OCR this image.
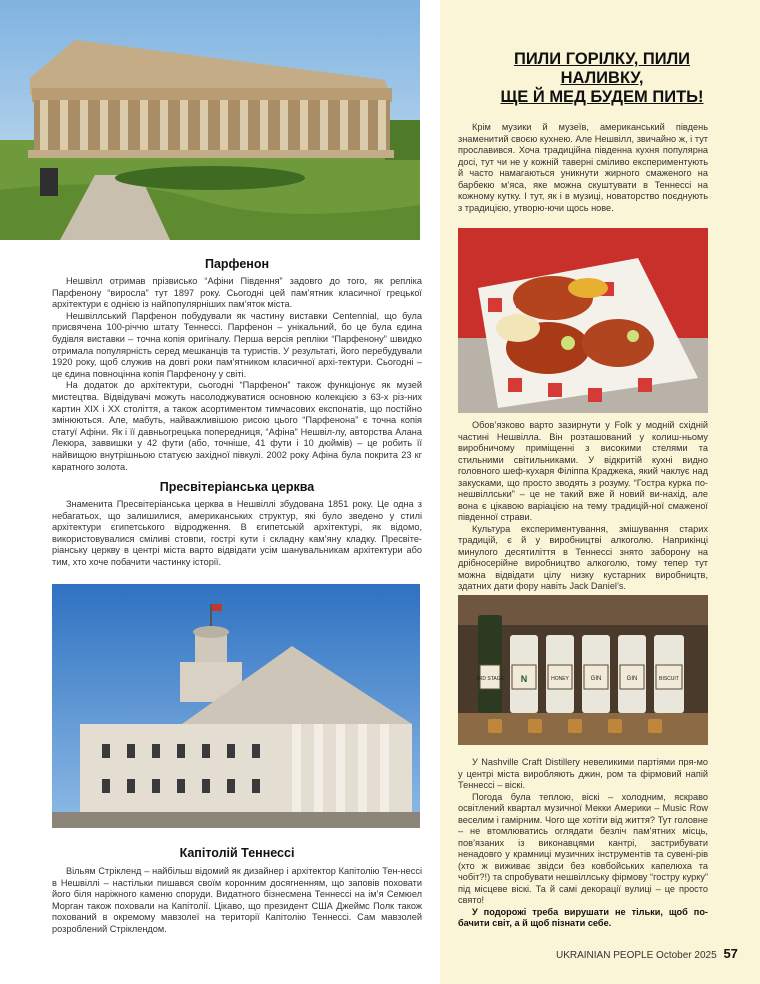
Парфенон

Нешвілл отримав прізвисько “Афіни Південня” задовго до того, як репліка Парфенону “виросла” тут 1897 року. Сьогодні цей пам’ятник класичної грецької архітектури є однією із найпопулярніших пам’яток міста.

Нешвіллський Парфенон побудували як частину виставки Centennial, що була присвячена 100-річчю штату Теннессі. Парфенон – унікальний, бо це була єдина будівля виставки – точна копія оригіналу. Перша версія репліки “Парфенону” швидко отримала популярність серед мешканців та туристів. У результаті, його перебудували 1920 року, щоб служив на довгі роки пам’ятником класичної архі-тектури. Сьогодні – це єдина повноцінна копія Парфенону у світі.

На додаток до архітектури, сьогодні “Парфенон” також функціонує як музей мистецтва. Відвідувачі можуть насолоджуватися основною колекцією з 63-х різ-них картин XIX і XX століття, а також асортиментом тимчасових експонатів, що постійно змінюються. Але, мабуть, найважливішою рисою цього “Парфенона” є точна копія статуї Афіни. Як і її давньогрецька попередниця, “Афіна” Нешвіл-лу, авторства Алана Лекюра, заввишки у 42 фути (або, точніше, 41 фути і 10 дюймів) – це робить її найвищою внутрішньою статуєю західної півкулі. 2002 року Афіна була покрита 23 кг каратного золота.

Пресвітеріанська церква

Знаменита Пресвітеріанська церква в Нешвіллі збудована 1851 року. Це одна з небагатьох, що залишилися, американських структур, які було зведено у стилі архітектури єгипетського відродження. В єгипетській архітектурі, як відомо, використовувалися сміливі стовпи, гострі кути і складну кам’яну кладку. Пресвіте-ріанську церкву в центрі міста варто відвідати усім шанувальникам архітектури або тим, хто хоче побачити частинку історії.

Капітолій Теннессі

Вільям Стрікленд – найбільш відомий як дизайнер і архітектор Капітолію Тен-нессі в Нешвіллі – настільки пишався своїм коронним досягненням, що заповів поховати його біля наріжного каменю споруди. Видатного бізнесмена Теннессі на ім’я Семюел Морган також поховали на Капітолії. Цікаво, що президент США Джеймс Полк також похований в окремому мавзолеї на території Капітолію Теннессі. Сам мавзолей розроблений Стріклендом.

ПИЛИ ГОРІЛКУ, ПИЛИ
НАЛИВКУ,
ЩЕ Й МЕД БУДЕМ ПИТЬ!

Крім музики й музеїв, американський південь знаменитий своєю кухнею. Але Нешвілл, звичайно ж, і тут прославився. Хоча традиційна південна кухня популярна досі, тут чи не у кожній таверні сміливо експериментують й часто намагаються уникнути жирного смаженого на барбекю м’яса, яке можна скуштувати в Теннессі на кожному кутку. І тут, як і в музиці, новаторство поєднують з традицією, утворю-ючи щось нове.

Обов’язково варто зазирнути у Folk у модній східній частині Нешвілла. Він розташований у колиш-ньому виробничому приміщенні з високими стелями та стильними світильниками. У відкритій кухні видно головного шеф-кухаря Філіппа Краджека, який чаклує над закусками, що просто зводять з розуму. “Гостра курка по-нешвіллськи” – це не такий вже й новий ви-нахід, але вона є цікавою варіацією на тему традицій-ної смаженої південної страви.

Культура експериментування, змішування старих традицій, є й у виробництві алкоголю. Наприкінці минулого десятиліття в Теннессі знято заборону на дрібносерійне виробництво алкоголю, тому тепер тут можна відвідати цілу низку кустарних виробництв, здатних дати фору навіть Jack Daniel’s.

3RD STAGE N	HONEY	GIN	GIN	BISCUIT

У Nashville Craft Distillery невеликими партіями пря-мо у центрі міста виробляють джин, ром та фірмовий напій Теннессі – віскі.

Погода була теплою, віскі – холодним, яскраво освітлений квартал музичної Мекки Америки – Music Row веселим і гамірним. Чого ще хотіти від життя? Тут головне – не втомлюватись оглядати безліч пам’ятних місць, пов’язаних із виконавцями кантрі, застрибувати ненадовго у крамниці музичних інструментів та сувені-рів (хто ж виживає звідси без ковбойських капелюха та чобіт?!) та спробувати нешвіллську фірмову “гостру курку” під місцеве віскі. Та й самі декорації вулиці – це просто свято!

У подорожі треба вирушати не тільки, щоб по-бачити світ, а й щоб пізнати себе.

UKRAINIAN PEOPLE October 2025 57
